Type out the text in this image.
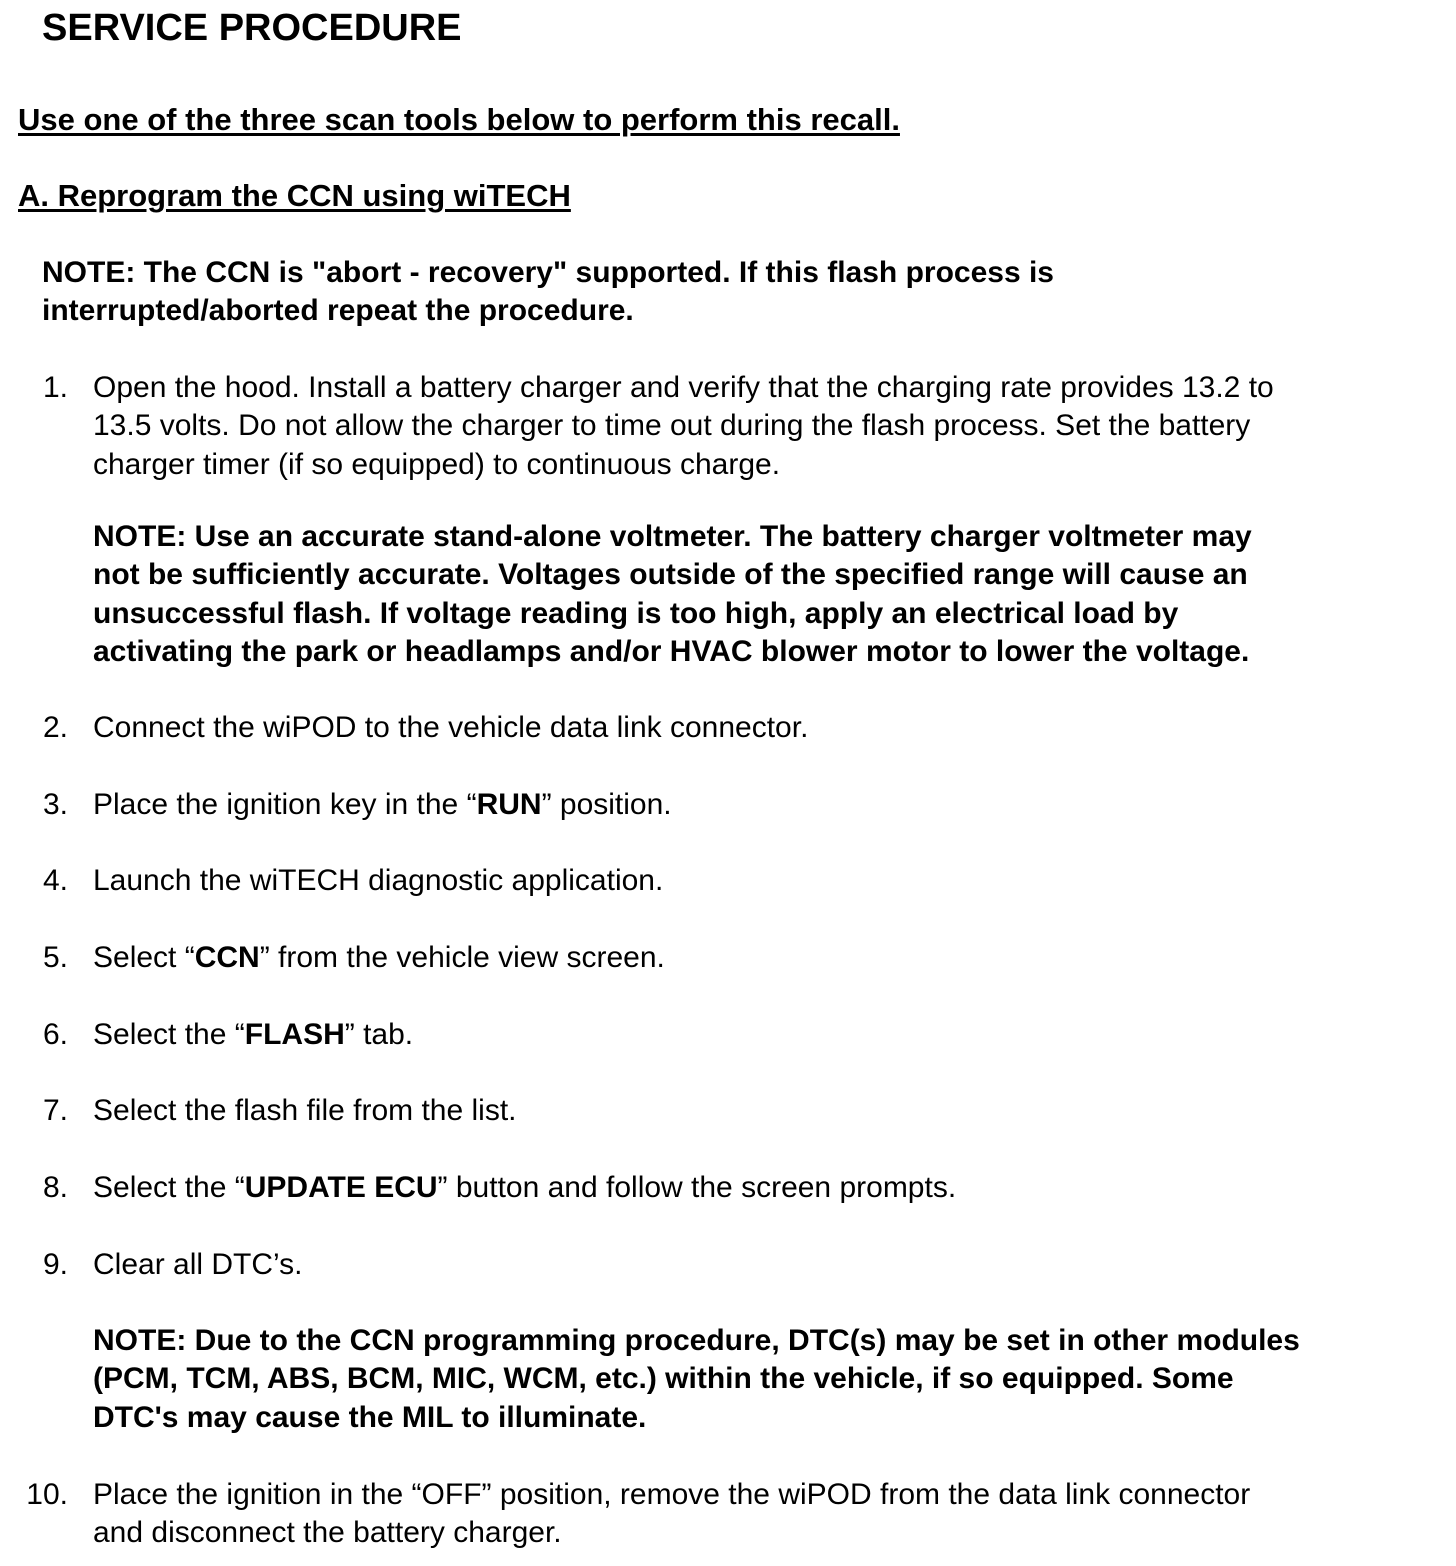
SERVICE PROCEDURE
Use one of the three scan tools below to perform this recall.
A. Reprogram the CCN using wiTECH
NOTE: The CCN is "abort - recovery" supported. If this flash process is
interrupted/aborted repeat the procedure.
1. Open the hood. Install a battery charger and verify that the charging rate provides 13.2 to
13.5 volts. Do not allow the charger to time out during the flash process. Set the battery
charger timer (if so equipped) to continuous charge.
NOTE: Use an accurate stand-alone voltmeter. The battery charger voltmeter may
not be sufficiently accurate. Voltages outside of the specified range will cause an
unsuccessful flash. If voltage reading is too high, apply an electrical load by
activating the park or headlamps and/or HVAC blower motor to lower the voltage.
2. Connect the wiPOD to the vehicle data link connector.
3. Place the ignition key in the “RUN” position.
4. Launch the wiTECH diagnostic application.
5. Select “CCN” from the vehicle view screen.
6. Select the “FLASH” tab.
7. Select the flash file from the list.
8. Select the “UPDATE ECU” button and follow the screen prompts.
9. Clear all DTC’s.
NOTE: Due to the CCN programming procedure, DTC(s) may be set in other modules
(PCM, TCM, ABS, BCM, MIC, WCM, etc.) within the vehicle, if so equipped. Some
DTC's may cause the MIL to illuminate.
10. Place the ignition in the “OFF” position, remove the wiPOD from the data link connector
and disconnect the battery charger.
